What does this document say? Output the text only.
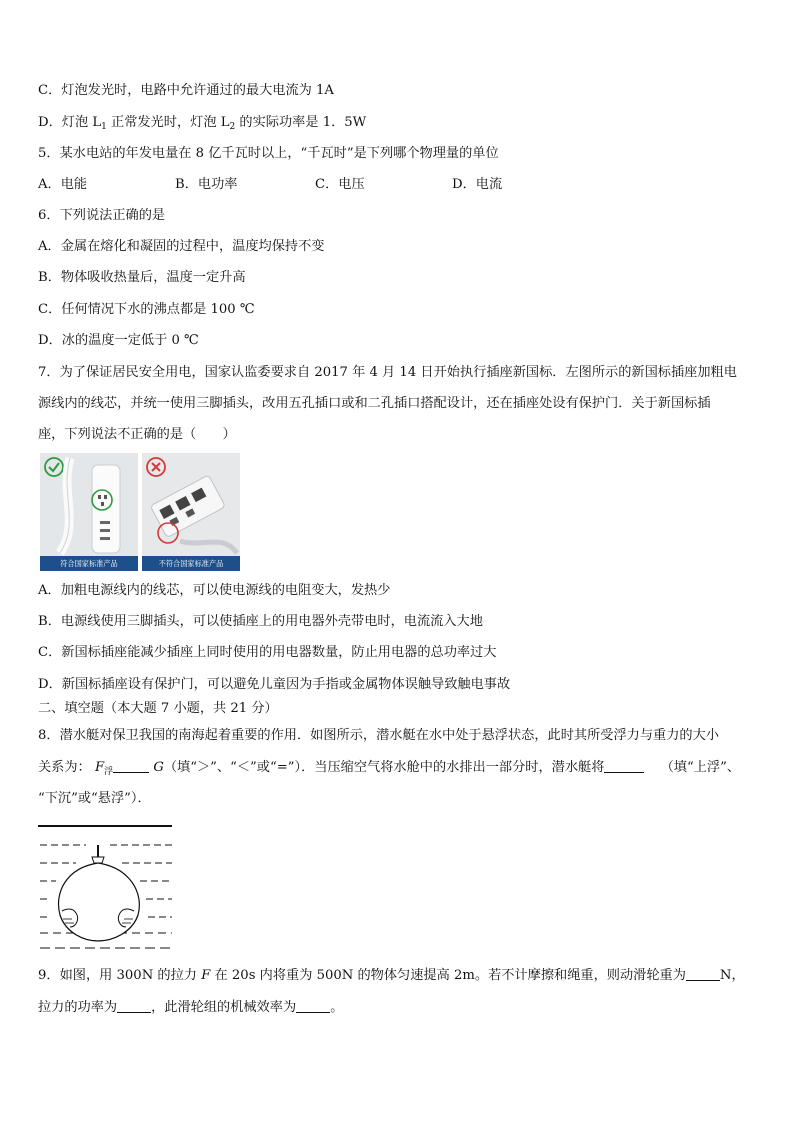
C．灯泡发光时，电路中允许通过的最大电流为 1A
D．灯泡 $L_1$ 正常发光时，灯泡 $L_2$ 的实际功率是 1．5W
5．某水电站的年发电量在 8 亿千瓦时以上，“千瓦时”是下列哪个物理量的单位
A．电能	B．电功率	C．电压	D．电流
6．下列说法正确的是
A．金属在熔化和凝固的过程中，温度均保持不变
B．物体吸收热量后，温度一定升高
C．任何情况下水的沸点都是 100 ℃
D．冰的温度一定低于 0 ℃
7．为了保证居民安全用电，国家认监委要求自 2017 年 4 月 14 日开始执行插座新国标．左图所示的新国标插座加粗电
源线内的线芯，并统一使用三脚插头，改用五孔插口或和二孔插口搭配设计，还在插座处设有保护门．关于新国标插
座，下列说法不正确的是（　　）
符合国家标准产品	不符合国家标准产品
A．加粗电源线内的线芯，可以使电源线的电阻变大，发热少
B．电源线使用三脚插头，可以使插座上的用电器外壳带电时，电流流入大地
C．新国标插座能减少插座上同时使用的用电器数量，防止用电器的总功率过大
D．新国标插座设有保护门，可以避免儿童因为手指或金属物体误触导致触电事故
二、填空题（本大题 7 小题，共 21 分）
8．潜水艇对保卫我国的南海起着重要的作用．如图所示，潜水艇在水中处于悬浮状态，此时其所受浮力与重力的大小
关系为： $F_浮$	G（填“＞”、“＜”或“=”）．当压缩空气将水舱中的水排出一部分时，潜水艇将	（填“上浮”、
“下沉”或“悬浮”）．
9．如图，用 300N 的拉力 F 在 20s 内将重为 500N 的物体匀速提高 2m。若不计摩擦和绳重，则动滑轮重为	N，
拉力的功率为	，此滑轮组的机械效率为	。
